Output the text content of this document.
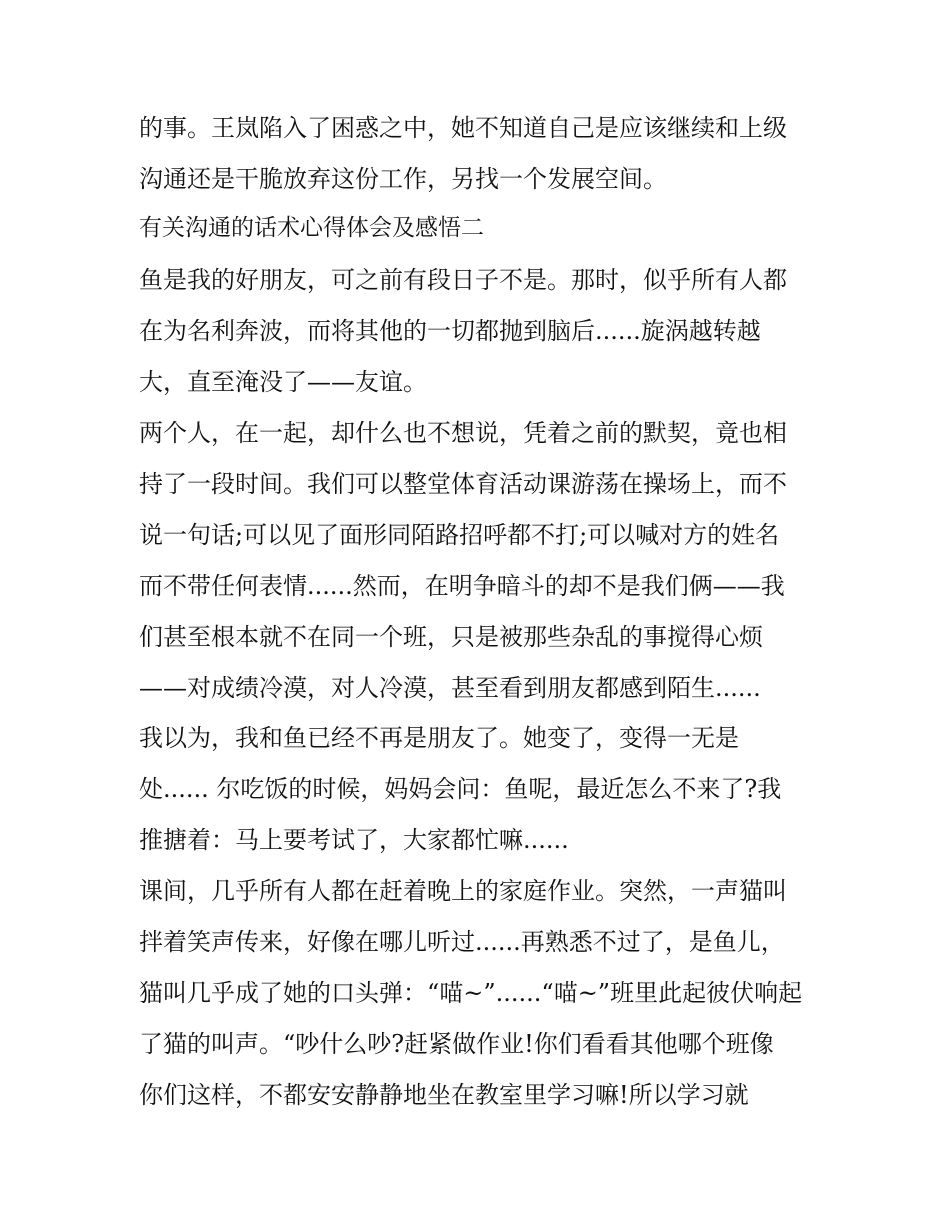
的事。王岚陷入了困惑之中，她不知道自己是应该继续和上级
沟通还是干脆放弃这份工作，另找一个发展空间。
有关沟通的话术心得体会及感悟二
鱼是我的好朋友，可之前有段日子不是。那时，似乎所有人都
在为名利奔波，而将其他的一切都抛到脑后......旋涡越转越
大，直至淹没了——友谊。
两个人，在一起，却什么也不想说，凭着之前的默契，竟也相
持了一段时间。我们可以整堂体育活动课游荡在操场上，而不
说一句话;可以见了面形同陌路招呼都不打;可以喊对方的姓名
而不带任何表情......然而，在明争暗斗的却不是我们俩——我
们甚至根本就不在同一个班，只是被那些杂乱的事搅得心烦
——对成绩冷漠，对人冷漠，甚至看到朋友都感到陌生......
我以为，我和鱼已经不再是朋友了。她变了，变得一无是
处...... 尔吃饭的时候，妈妈会问：鱼呢，最近怎么不来了?我
推搪着：马上要考试了，大家都忙嘛......
课间，几乎所有人都在赶着晚上的家庭作业。突然，一声猫叫
拌着笑声传来，好像在哪儿听过......再熟悉不过了，是鱼儿，
猫叫几乎成了她的口头弹：“喵~”......“喵~”班里此起彼伏响起
了猫的叫声。“吵什么吵?赶紧做作业!你们看看其他哪个班像
你们这样，不都安安静静地坐在教室里学习嘛!所以学习就
